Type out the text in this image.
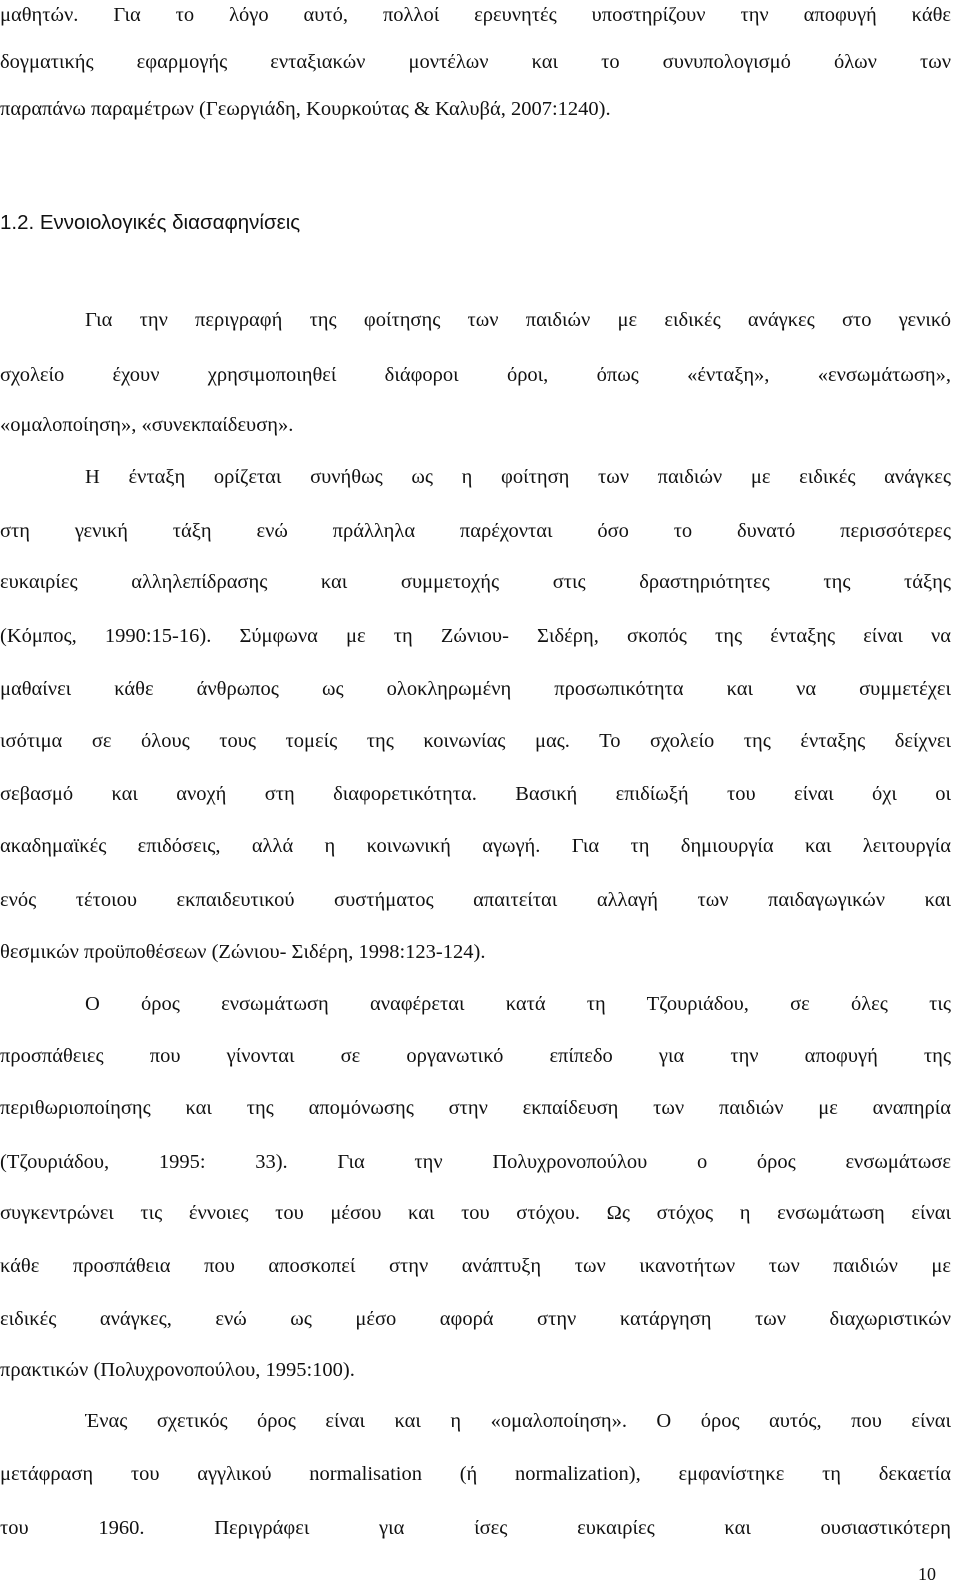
μαθητών. Για το λόγο αυτό, πολλοί ερευνητές υποστηρίζουν την αποφυγή κάθε
δογματικής εφαρμογής ενταξιακών μοντέλων και το συνυπολογισμό όλων των
παραπάνω παραμέτρων (Γεωργιάδη, Κουρκούτας & Καλυβά, 2007:1240).
1.2. Εννοιολογικές διασαφηνίσεις
Για την περιγραφή της φοίτησης των παιδιών με ειδικές ανάγκες στο γενικό
σχολείο έχουν χρησιμοποιηθεί διάφοροι όροι, όπως «ένταξη», «ενσωμάτωση»,
«ομαλοποίηση», «συνεκπαίδευση».
Η ένταξη ορίζεται συνήθως ως η φοίτηση των παιδιών με ειδικές ανάγκες
στη γενική τάξη ενώ πράλληλα παρέχονται όσο το δυνατό περισσότερες
ευκαιρίες αλληλεπίδρασης και συμμετοχής στις δραστηριότητες της τάξης
(Κόμπος, 1990:15-16). Σύμφωνα με τη Ζώνιου- Σιδέρη, σκοπός της ένταξης είναι να
μαθαίνει κάθε άνθρωπος ως ολοκληρωμένη προσωπικότητα και να συμμετέχει
ισότιμα σε όλους τους τομείς της κοινωνίας μας. Το σχολείο της ένταξης δείχνει
σεβασμό και ανοχή στη διαφορετικότητα. Βασική επιδίωξή του είναι όχι οι
ακαδημαϊκές επιδόσεις, αλλά η κοινωνική αγωγή. Για τη δημιουργία και λειτουργία
ενός τέτοιου εκπαιδευτικού συστήματος απαιτείται αλλαγή των παιδαγωγικών και
θεσμικών προϋποθέσεων (Ζώνιου- Σιδέρη, 1998:123-124).
Ο όρος ενσωμάτωση αναφέρεται κατά τη Τζουριάδου, σε όλες τις
προσπάθειες που γίνονται σε οργανωτικό επίπεδο για την αποφυγή της
περιθωριοποίησης και της απομόνωσης στην εκπαίδευση των παιδιών με αναπηρία
(Τζουριάδου, 1995: 33). Για την Πολυχρονοπούλου ο όρος ενσωμάτωσε
συγκεντρώνει τις έννοιες του μέσου και του στόχου. Ως στόχος η ενσωμάτωση είναι
κάθε προσπάθεια που αποσκοπεί στην ανάπτυξη των ικανοτήτων των παιδιών με
ειδικές ανάγκες, ενώ ως μέσο αφορά στην κατάργηση των διαχωριστικών
πρακτικών (Πολυχρονοπούλου, 1995:100).
Ένας σχετικός όρος είναι και η «ομαλοποίηση». Ο όρος αυτός, που είναι
μετάφραση του αγγλικού normalisation (ή normalization), εμφανίστηκε τη δεκαετία
του 1960. Περιγράφει για ίσες ευκαιρίες και ουσιαστικότερη
10
